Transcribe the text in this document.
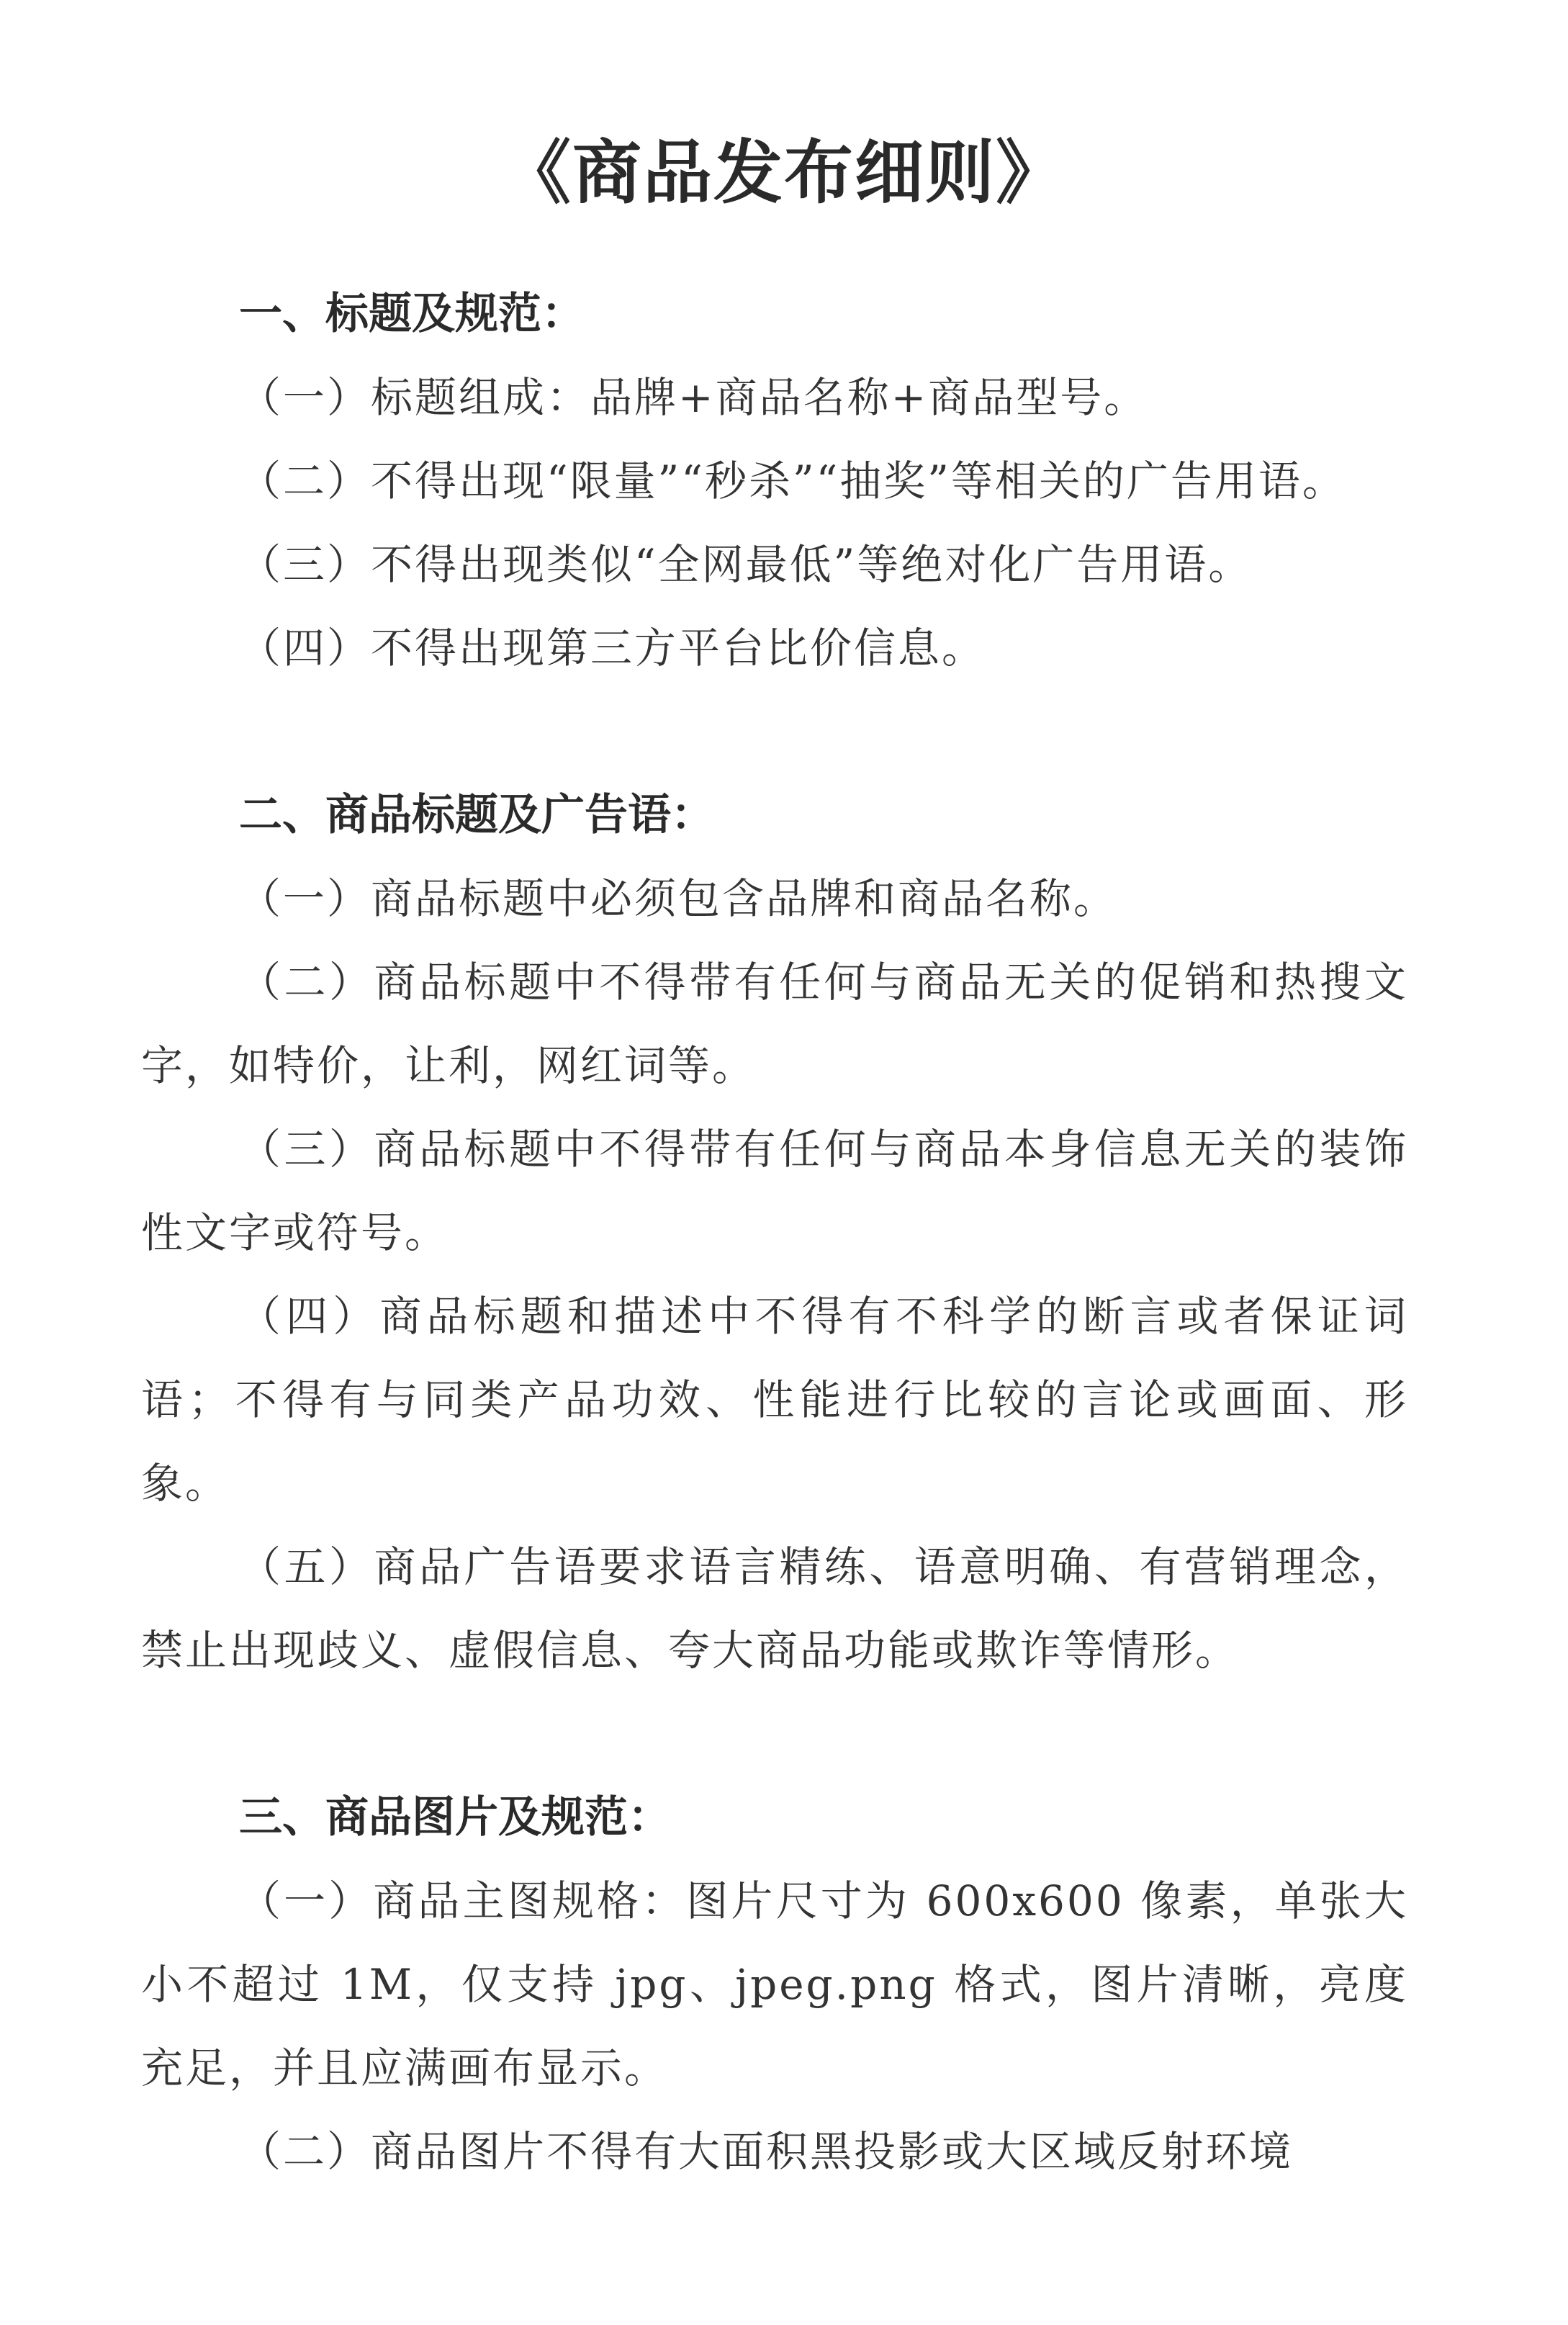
《商品发布细则》
一、标题及规范：

（一）标题组成：品牌+商品名称+商品型号。

（二）不得出现“限量”“秒杀”“抽奖”等相关的广告用语。

（三）不得出现类似“全网最低”等绝对化广告用语。

（四）不得出现第三方平台比价信息。

二、商品标题及广告语：

（一）商品标题中必须包含品牌和商品名称。

（二）商品标题中不得带有任何与商品无关的促销和热搜文字，如特价，让利，网红词等。

（三）商品标题中不得带有任何与商品本身信息无关的装饰性文字或符号。

（四）商品标题和描述中不得有不科学的断言或者保证词语；不得有与同类产品功效、性能进行比较的言论或画面、形象。

（五）商品广告语要求语言精练、语意明确、有营销理念，禁止出现歧义、虚假信息、夸大商品功能或欺诈等情形。

三、商品图片及规范：

（一）商品主图规格：图片尺寸为 600x600 像素，单张大小不超过 1M，仅支持 jpg、jpeg.png 格式，图片清晰，亮度充足，并且应满画布显示。

（二）商品图片不得有大面积黑投影或大区域反射环境
